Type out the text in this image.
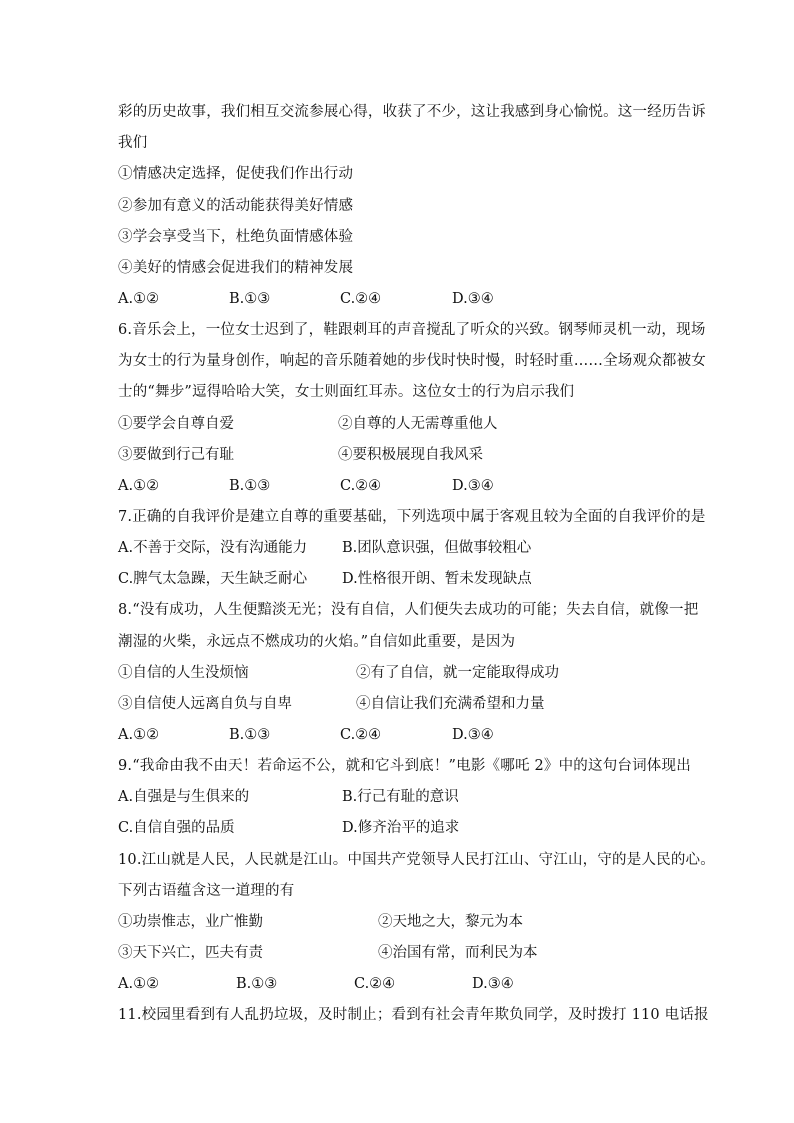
彩的历史故事，我们相互交流参展心得，收获了不少，这让我感到身心愉悦。这一经历告诉
我们
①情感决定选择，促使我们作出行动
②参加有意义的活动能获得美好情感
③学会享受当下，杜绝负面情感体验
④美好的情感会促进我们的精神发展
A.①②	B.①③	C.②④	D.③④
6.音乐会上，一位女士迟到了，鞋跟刺耳的声音搅乱了听众的兴致。钢琴师灵机一动，现场
为女士的行为量身创作，响起的音乐随着她的步伐时快时慢，时轻时重……全场观众都被女
士的“舞步”逗得哈哈大笑，女士则面红耳赤。这位女士的行为启示我们
①要学会自尊自爱	②自尊的人无需尊重他人
③要做到行己有耻	④要积极展现自我风采
A.①②	B.①③	C.②④	D.③④
7.正确的自我评价是建立自尊的重要基础，下列选项中属于客观且较为全面的自我评价的是
A.不善于交际，没有沟通能力 B.团队意识强，但做事较粗心
C.脾气太急躁，天生缺乏耐心 D.性格很开朗、暂未发现缺点
8.“没有成功，人生便黯淡无光；没有自信，人们便失去成功的可能；失去自信，就像一把
潮湿的火柴，永远点不燃成功的火焰。”自信如此重要，是因为
①自信的人生没烦恼	②有了自信，就一定能取得成功
③自信使人远离自负与自卑	④自信让我们充满希望和力量
A.①②	B.①③	C.②④	D.③④
9.“我命由我不由天！若命运不公，就和它斗到底！”电影《哪吒 2》中的这句台词体现出
A.自强是与生俱来的	B.行己有耻的意识
C.自信自强的品质	D.修齐治平的追求
10.江山就是人民，人民就是江山。中国共产党领导人民打江山、守江山，守的是人民的心。
下列古语蕴含这一道理的有
①功崇惟志，业广惟勤	②天地之大，黎元为本
③天下兴亡，匹夫有责	④治国有常，而利民为本
A.①②	B.①③	C.②④	D.③④
11.校园里看到有人乱扔垃圾，及时制止；看到有社会青年欺负同学，及时拨打 110 电话报
